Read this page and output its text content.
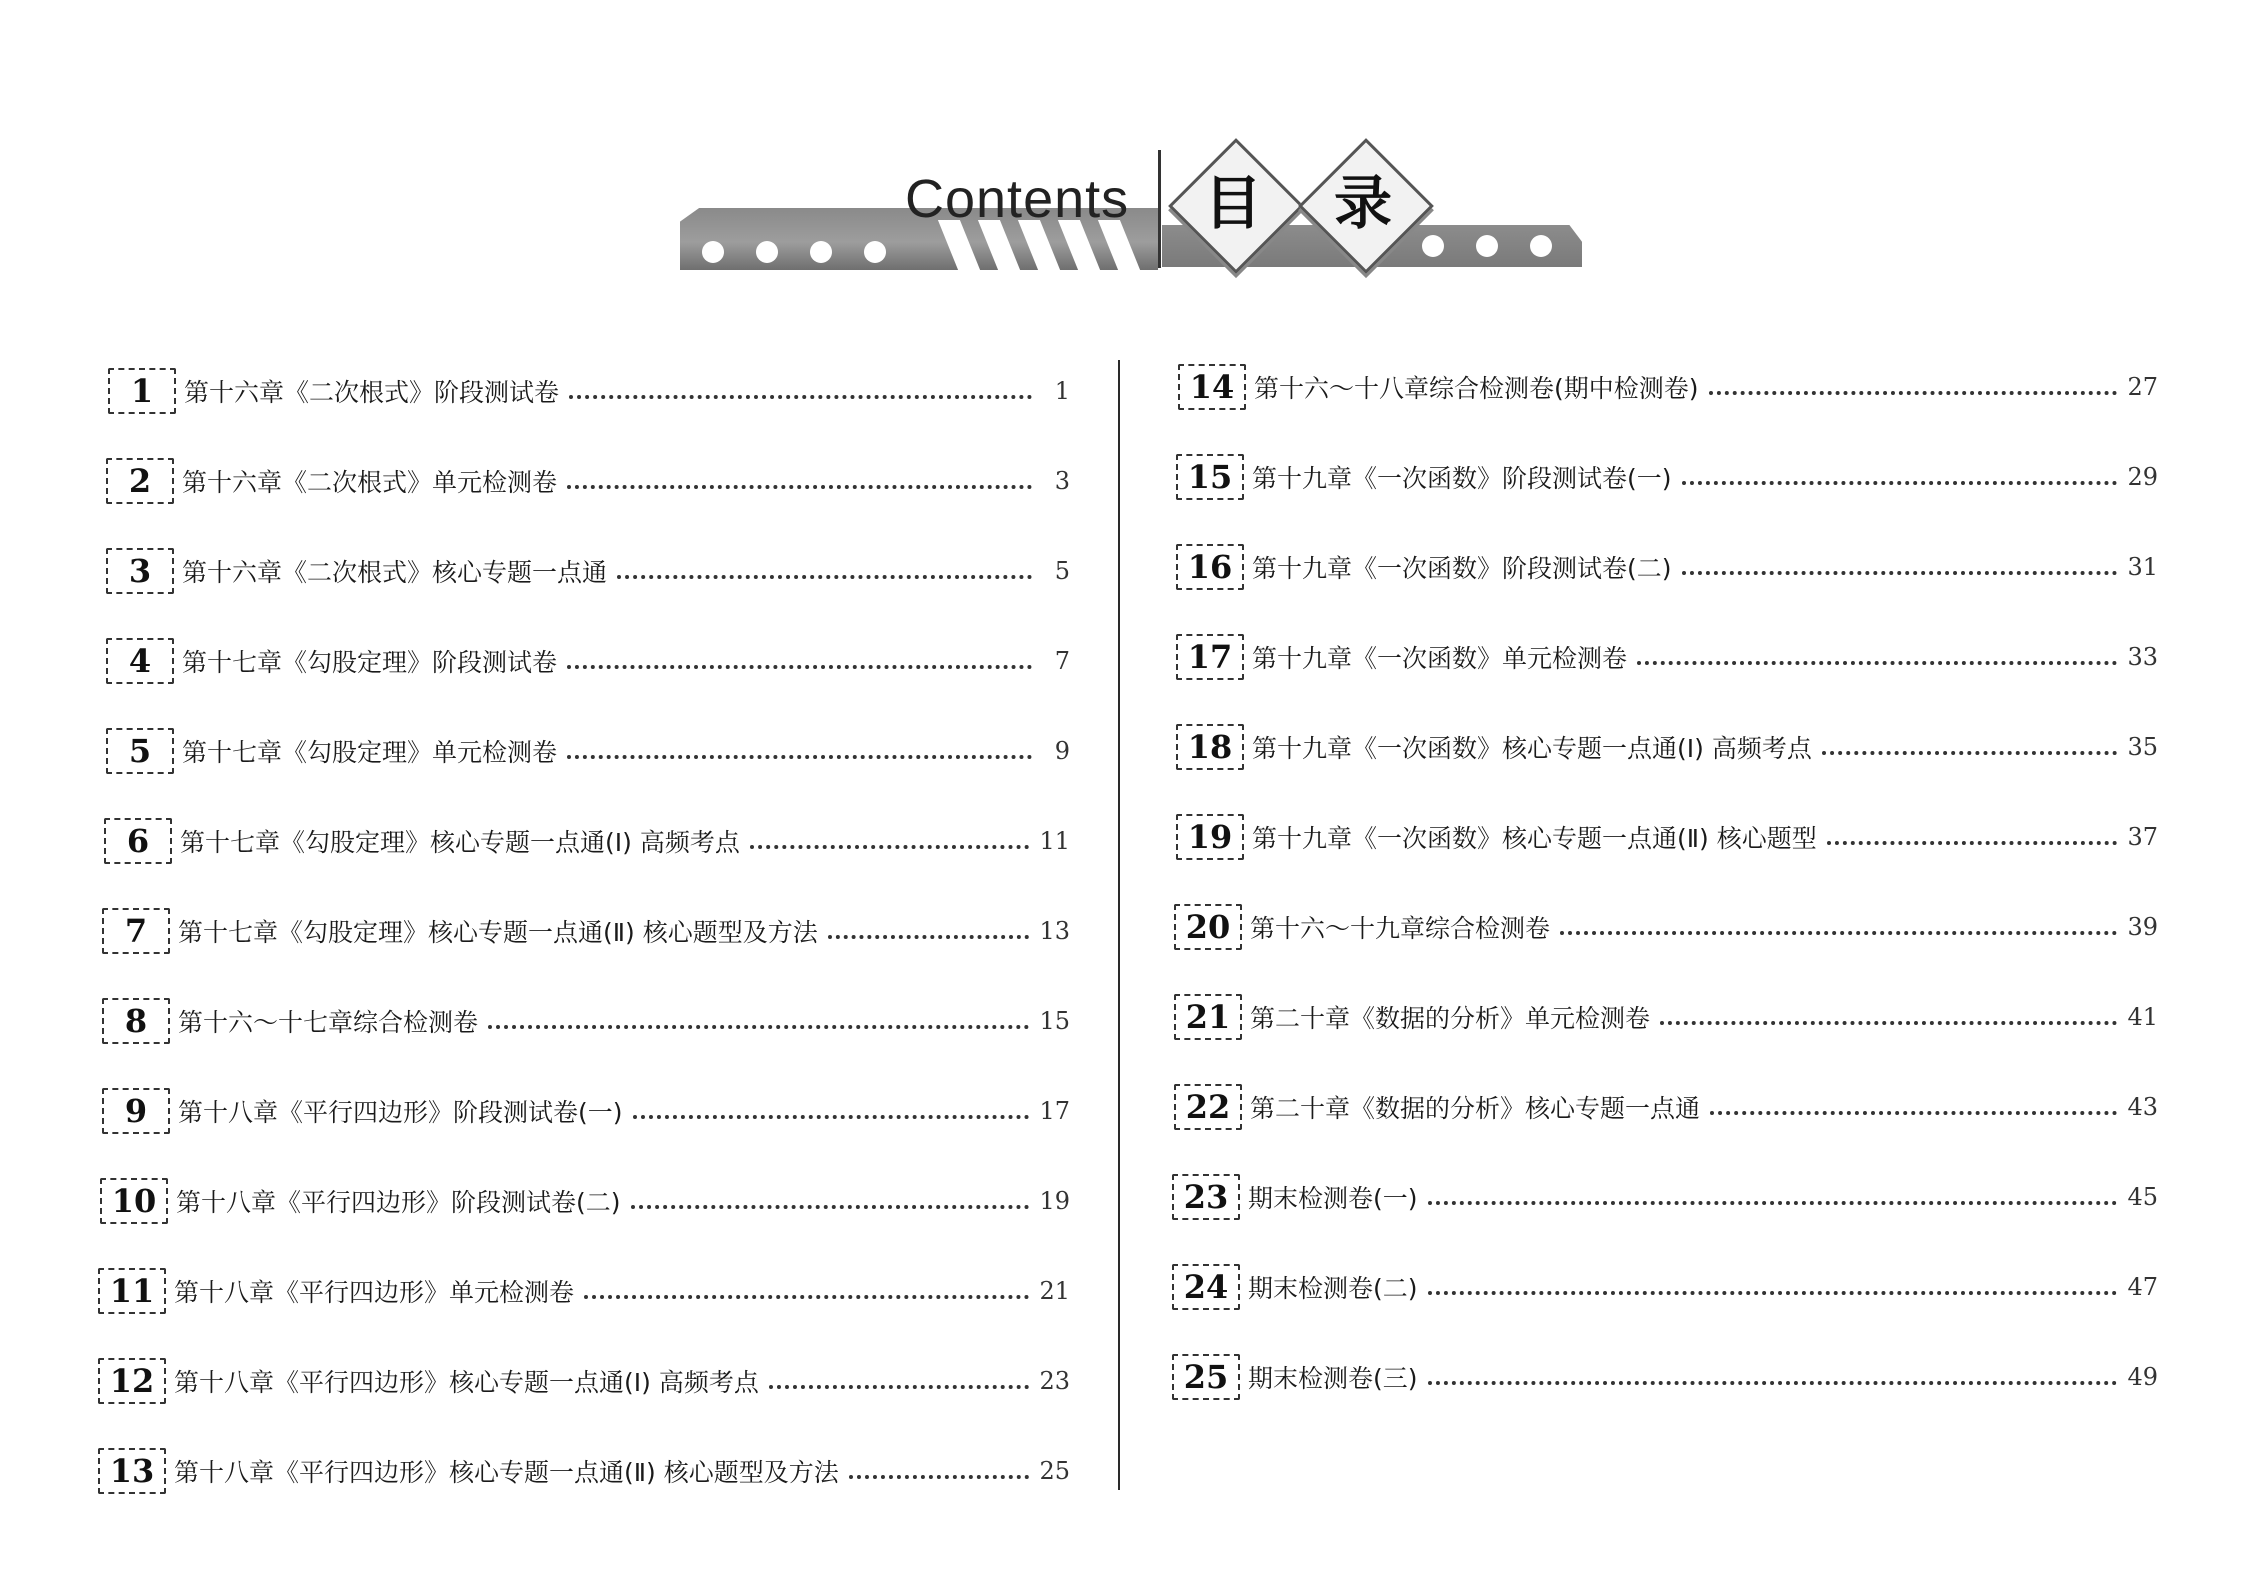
Contents 目 录
1	第十六章《二次根式》阶段测试卷	1
2	第十六章《二次根式》单元检测卷	3
3	第十六章《二次根式》核心专题一点通	5
4	第十七章《勾股定理》阶段测试卷	7
5	第十七章《勾股定理》单元检测卷	9
6	第十七章《勾股定理》核心专题一点通(Ⅰ) 高频考点	11
7	第十七章《勾股定理》核心专题一点通(Ⅱ) 核心题型及方法	13
8	第十六～十七章综合检测卷	15
9	第十八章《平行四边形》阶段测试卷(一)	17
10 第十八章《平行四边形》阶段测试卷(二)	19
11 第十八章《平行四边形》单元检测卷	21
12 第十八章《平行四边形》核心专题一点通(Ⅰ) 高频考点	23
13 第十八章《平行四边形》核心专题一点通(Ⅱ) 核心题型及方法	25
14 第十六～十八章综合检测卷(期中检测卷)	27
15 第十九章《一次函数》阶段测试卷(一)	29
16 第十九章《一次函数》阶段测试卷(二)	31
17 第十九章《一次函数》单元检测卷	33
18 第十九章《一次函数》核心专题一点通(Ⅰ) 高频考点	35
19 第十九章《一次函数》核心专题一点通(Ⅱ) 核心题型	37
20 第十六～十九章综合检测卷	39
21 第二十章《数据的分析》单元检测卷	41
22 第二十章《数据的分析》核心专题一点通	43
23 期末检测卷(一)	45
24 期末检测卷(二)	47
25 期末检测卷(三)	49
